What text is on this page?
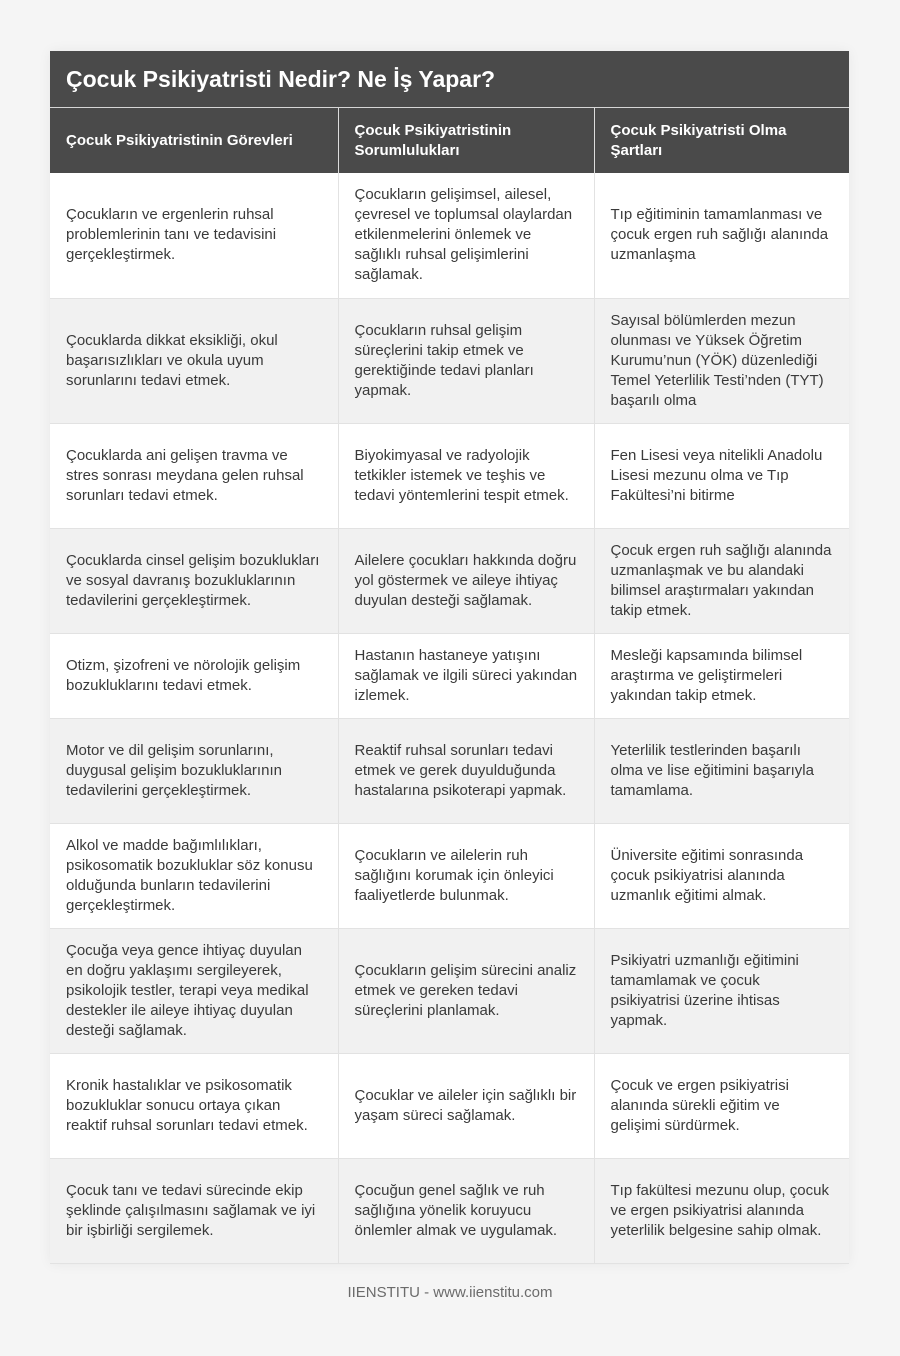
Çocuk Psikiyatristi Nedir? Ne İş Yapar?
Çocuk Psikiyatristinin Görevleri	Çocuk Psikiyatristinin Sorumlulukları	Çocuk Psikiyatristi Olma Şartları
Çocukların ve ergenlerin ruhsal problemlerinin tanı ve tedavisini gerçekleştirmek.	Çocukların gelişimsel, ailesel, çevresel ve toplumsal olaylardan etkilenmelerini önlemek ve sağlıklı ruhsal gelişimlerini sağlamak.	Tıp eğitiminin tamamlanması ve çocuk ergen ruh sağlığı alanında uzmanlaşma
Çocuklarda dikkat eksikliği, okul başarısızlıkları ve okula uyum sorunlarını tedavi etmek.	Çocukların ruhsal gelişim süreçlerini takip etmek ve gerektiğinde tedavi planları yapmak.	Sayısal bölümlerden mezun olunması ve Yüksek Öğretim Kurumu’nun (YÖK) düzenlediği Temel Yeterlilik Testi’nden (TYT) başarılı olma
Çocuklarda ani gelişen travma ve stres sonrası meydana gelen ruhsal sorunları tedavi etmek.	Biyokimyasal ve radyolojik tetkikler istemek ve teşhis ve tedavi yöntemlerini tespit etmek.	Fen Lisesi veya nitelikli Anadolu Lisesi mezunu olma ve Tıp Fakültesi’ni bitirme
Çocuklarda cinsel gelişim bozuklukları ve sosyal davranış bozukluklarının tedavilerini gerçekleştirmek.	Ailelere çocukları hakkında doğru yol göstermek ve aileye ihtiyaç duyulan desteği sağlamak.	Çocuk ergen ruh sağlığı alanında uzmanlaşmak ve bu alandaki bilimsel araştırmaları yakından takip etmek.
Otizm, şizofreni ve nörolojik gelişim bozukluklarını tedavi etmek.	Hastanın hastaneye yatışını sağlamak ve ilgili süreci yakından izlemek.	Mesleği kapsamında bilimsel araştırma ve geliştirmeleri yakından takip etmek.
Motor ve dil gelişim sorunlarını, duygusal gelişim bozukluklarının tedavilerini gerçekleştirmek.	Reaktif ruhsal sorunları tedavi etmek ve gerek duyulduğunda hastalarına psikoterapi yapmak.	Yeterlilik testlerinden başarılı olma ve lise eğitimini başarıyla tamamlama.
Alkol ve madde bağımlılıkları, psikosomatik bozukluklar söz konusu olduğunda bunların tedavilerini gerçekleştirmek.	Çocukların ve ailelerin ruh sağlığını korumak için önleyici faaliyetlerde bulunmak.	Üniversite eğitimi sonrasında çocuk psikiyatrisi alanında uzmanlık eğitimi almak.
Çocuğa veya gence ihtiyaç duyulan en doğru yaklaşımı sergileyerek, psikolojik testler, terapi veya medikal destekler ile aileye ihtiyaç duyulan desteği sağlamak.	Çocukların gelişim sürecini analiz etmek ve gereken tedavi süreçlerini planlamak.	Psikiyatri uzmanlığı eğitimini tamamlamak ve çocuk psikiyatrisi üzerine ihtisas yapmak.
Kronik hastalıklar ve psikosomatik bozukluklar sonucu ortaya çıkan reaktif ruhsal sorunları tedavi etmek.	Çocuklar ve aileler için sağlıklı bir yaşam süreci sağlamak.	Çocuk ve ergen psikiyatrisi alanında sürekli eğitim ve gelişimi sürdürmek.
Çocuk tanı ve tedavi sürecinde ekip şeklinde çalışılmasını sağlamak ve iyi bir işbirliği sergilemek.	Çocuğun genel sağlık ve ruh sağlığına yönelik koruyucu önlemler almak ve uygulamak.	Tıp fakültesi mezunu olup, çocuk ve ergen psikiyatrisi alanında yeterlilik belgesine sahip olmak.
IIENSTITU - www.iienstitu.com
